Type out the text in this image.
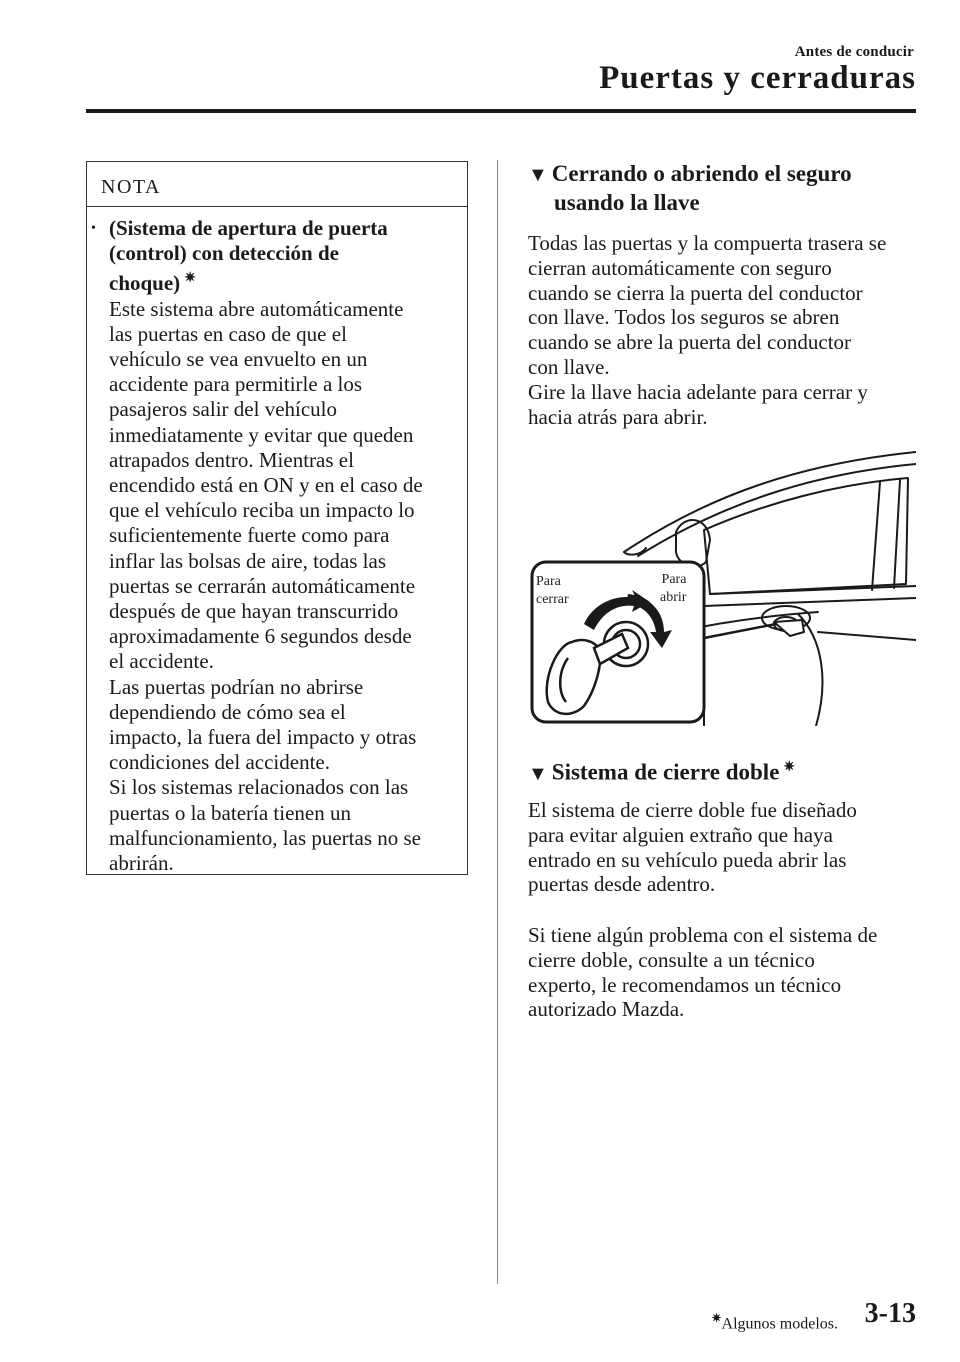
Antes de conducir
Puertas y cerraduras
NOTA
• (Sistema de apertura de puerta
(control) con detección de
choque) ✷
Este sistema abre automáticamente
las puertas en caso de que el
vehículo se vea envuelto en un
accidente para permitirle a los
pasajeros salir del vehículo
inmediatamente y evitar que queden
atrapados dentro. Mientras el
encendido está en ON y en el caso de
que el vehículo reciba un impacto lo
suficientemente fuerte como para
inflar las bolsas de aire, todas las
puertas se cerrarán automáticamente
después de que hayan transcurrido
aproximadamente 6 segundos desde
el accidente.
Las puertas podrían no abrirse
dependiendo de cómo sea el
impacto, la fuera del impacto y otras
condiciones del accidente.
Si los sistemas relacionados con las
puertas o la batería tienen un
malfuncionamiento, las puertas no se
abrirán.
▼ Cerrando o abriendo el seguro
usando la llave
Todas las puertas y la compuerta trasera se
cierran automáticamente con seguro
cuando se cierra la puerta del conductor
con llave. Todos los seguros se abren
cuando se abre la puerta del conductor
con llave.
Gire la llave hacia adelante para cerrar y
hacia atrás para abrir.
Para
cerrar
Para
abrir
▼ Sistema de cierre doble ✷
El sistema de cierre doble fue diseñado
para evitar alguien extraño que haya
entrado en su vehículo pueda abrir las
puertas desde adentro.
Si tiene algún problema con el sistema de
cierre doble, consulte a un técnico
experto, le recomendamos un técnico
autorizado Mazda.
✷Algunos modelos. 3-13
